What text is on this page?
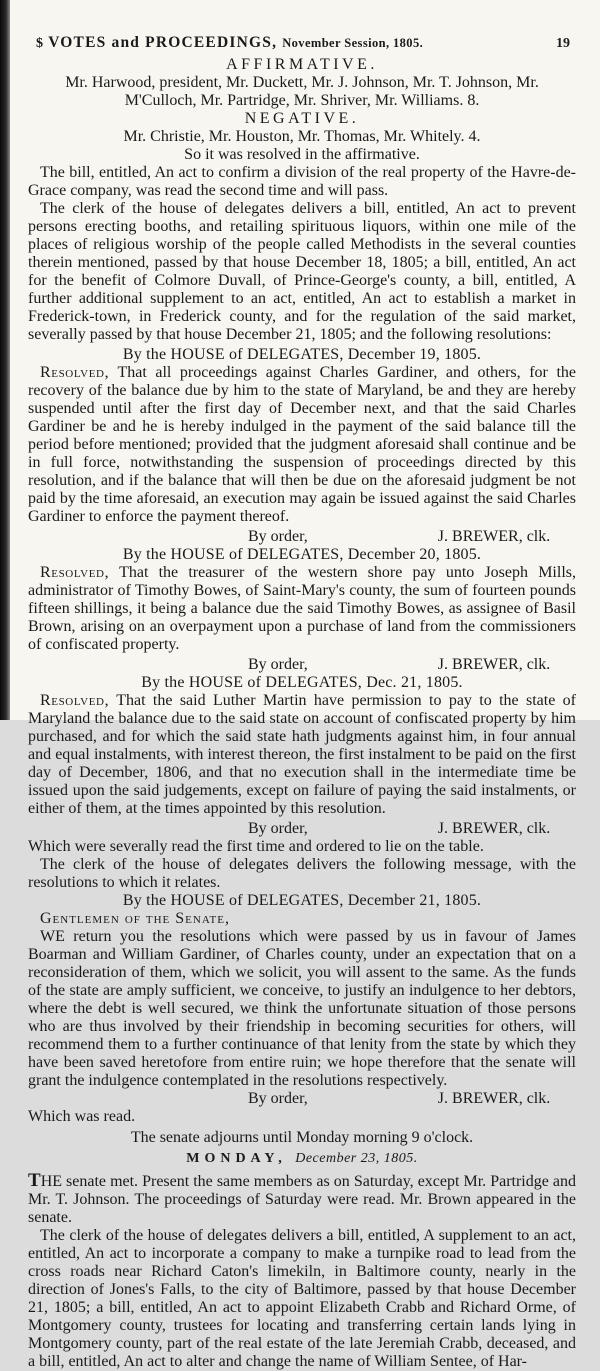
$ VOTES and PROCEEDINGS, November Session, 1805.	19

AFFIRMATIVE.

Mr. Harwood, president, Mr. Duckett, Mr. J. Johnson, Mr. T. Johnson, Mr. M'Culloch, Mr. Partridge, Mr. Shriver, Mr. Williams. 8.

NEGATIVE.

Mr. Christie, Mr. Houston, Mr. Thomas, Mr. Whitely. 4.

So it was resolved in the affirmative.

The bill, entitled, An act to confirm a division of the real property of the Havre-de-Grace company, was read the second time and will pass.

The clerk of the house of delegates delivers a bill, entitled, An act to prevent persons erecting booths, and retailing spirituous liquors, within one mile of the places of religious worship of the people called Methodists in the several counties therein mentioned, passed by that house December 18, 1805; a bill, entitled, An act for the benefit of Colmore Duvall, of Prince-George's county, a bill, entitled, A further additional supplement to an act, entitled, An act to establish a market in Frederick-town, in Frederick county, and for the regulation of the said market, severally passed by that house December 21, 1805; and the following resolutions:

By the HOUSE of DELEGATES, December 19, 1805.

Resolved, That all proceedings against Charles Gardiner, and others, for the recovery of the balance due by him to the state of Maryland, be and they are hereby suspended until after the first day of December next, and that the said Charles Gardiner be and he is hereby indulged in the payment of the said balance till the period before mentioned; provided that the judgment aforesaid shall continue and be in full force, notwithstanding the suspension of proceedings directed by this resolution, and if the balance that will then be due on the aforesaid judgment be not paid by the time aforesaid, an execution may again be issued against the said Charles Gardiner to enforce the payment thereof.

By order,	J. BREWER, clk.

By the HOUSE of DELEGATES, December 20, 1805.

Resolved, That the treasurer of the western shore pay unto Joseph Mills, administrator of Timothy Bowes, of Saint-Mary's county, the sum of fourteen pounds fifteen shillings, it being a balance due the said Timothy Bowes, as assignee of Basil Brown, arising on an overpayment upon a purchase of land from the commissioners of confiscated property.

By order,	J. BREWER, clk.

By the HOUSE of DELEGATES, Dec. 21, 1805.

Resolved, That the said Luther Martin have permission to pay to the state of Maryland the balance due to the said state on account of confiscated property by him purchased, and for which the said state hath judgments against him, in four annual and equal instalments, with interest thereon, the first instalment to be paid on the first day of December, 1806, and that no execution shall in the intermediate time be issued upon the said judgements, except on failure of paying the said instalments, or either of them, at the times appointed by this resolution.

By order,	J. BREWER, clk.

Which were severally read the first time and ordered to lie on the table.

The clerk of the house of delegates delivers the following message, with the resolutions to which it relates.

By the HOUSE of DELEGATES, December 21, 1805.

Gentlemen of the Senate,

WE return you the resolutions which were passed by us in favour of James Boarman and William Gardiner, of Charles county, under an expectation that on a reconsideration of them, which we solicit, you will assent to the same. As the funds of the state are amply sufficient, we conceive, to justify an indulgence to her debtors, where the debt is well secured, we think the unfortunate situation of those persons who are thus involved by their friendship in becoming securities for others, will recommend them to a further continuance of that lenity from the state by which they have been saved heretofore from entire ruin; we hope therefore that the senate will grant the indulgence contemplated in the resolutions respectively.

By order,	J. BREWER, clk.

Which was read.

The senate adjourns until Monday morning 9 o'clock.

MONDAY, December 23, 1805.

THE senate met. Present the same members as on Saturday, except Mr. Partridge and Mr. T. Johnson. The proceedings of Saturday were read. Mr. Brown appeared in the senate.

The clerk of the house of delegates delivers a bill, entitled, A supplement to an act, entitled, An act to incorporate a company to make a turnpike road to lead from the cross roads near Richard Caton's limekiln, in Baltimore county, nearly in the direction of Jones's Falls, to the city of Baltimore, passed by that house December 21, 1805; a bill, entitled, An act to appoint Elizabeth Crabb and Richard Orme, of Montgomery county, trustees for locating and transferring certain lands lying in Montgomery county, part of the real estate of the late Jeremiah Crabb, deceased, and a bill, entitled, An act to alter and change the name of William Sentee, of Har-
